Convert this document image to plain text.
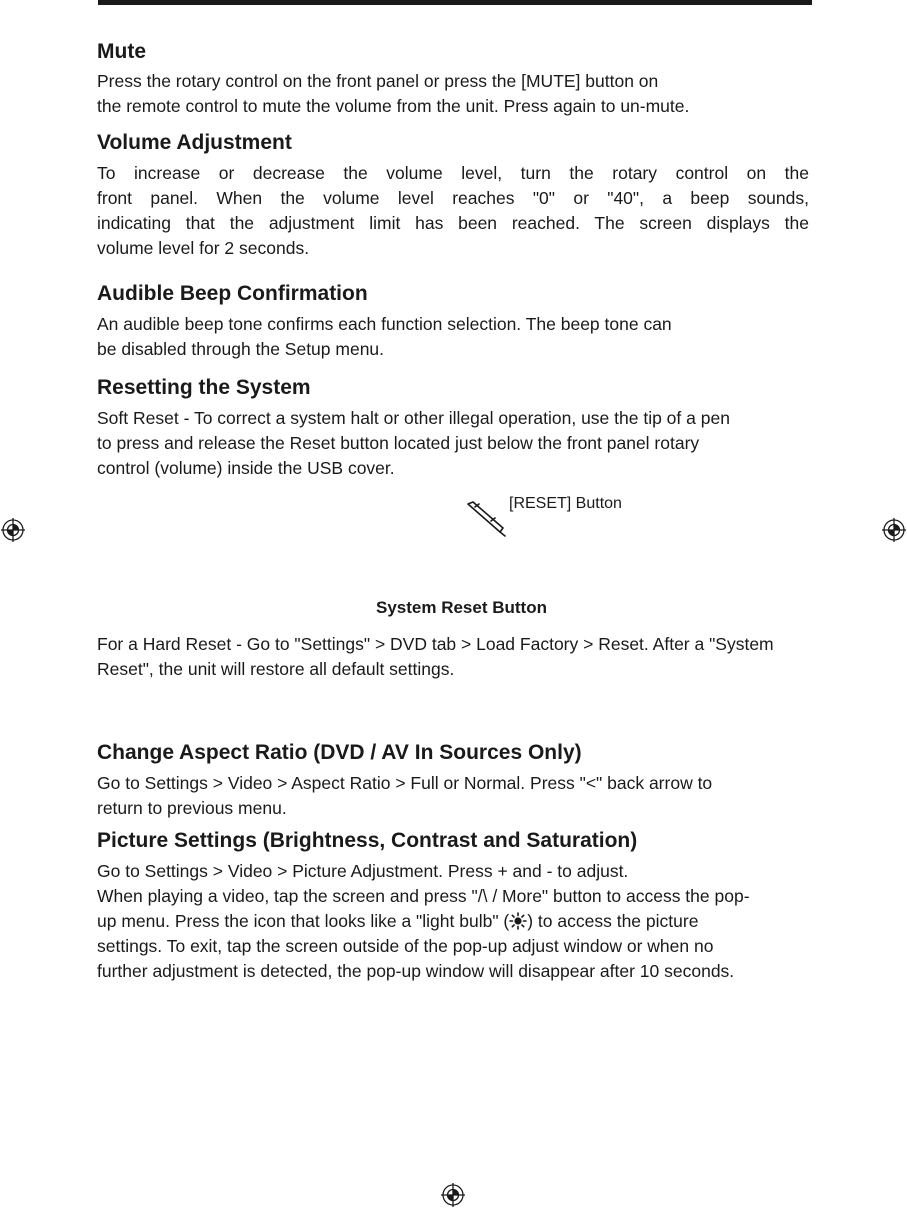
Mute
Press the rotary control on the front panel or press the [MUTE] button on
the remote control to mute the volume from the unit. Press again to un-mute.
Volume Adjustment
To increase or decrease the volume level, turn the rotary control on the
front panel. When the volume level reaches "0" or "40", a beep sounds,
indicating that the adjustment limit has been reached. The screen displays the
volume level for 2 seconds.
Audible Beep Confirmation
An audible beep tone confirms each function selection. The beep tone can
be disabled through the Setup menu.
Resetting the System
Soft Reset - To correct a system halt or other illegal operation, use the tip of a pen
to press and release the Reset button located just below the front panel rotary
control (volume) inside the USB cover.
[RESET] Button
System Reset Button
For a Hard Reset - Go to "Settings" > DVD tab > Load Factory > Reset. After a "System
Reset", the unit will restore all default settings.
Change Aspect Ratio (DVD / AV In Sources Only)
Go to Settings > Video > Aspect Ratio > Full or Normal. Press "<" back arrow to
return to previous menu.
Picture Settings (Brightness, Contrast and Saturation)
Go to Settings > Video > Picture Adjustment. Press + and - to adjust.
When playing a video, tap the screen and press "/\ / More" button to access the pop-
up menu. Press the icon that looks like a "light bulb" ( ) to access the picture
settings. To exit, tap the screen outside of the pop-up adjust window or when no
further adjustment is detected, the pop-up window will disappear after 10 seconds.
